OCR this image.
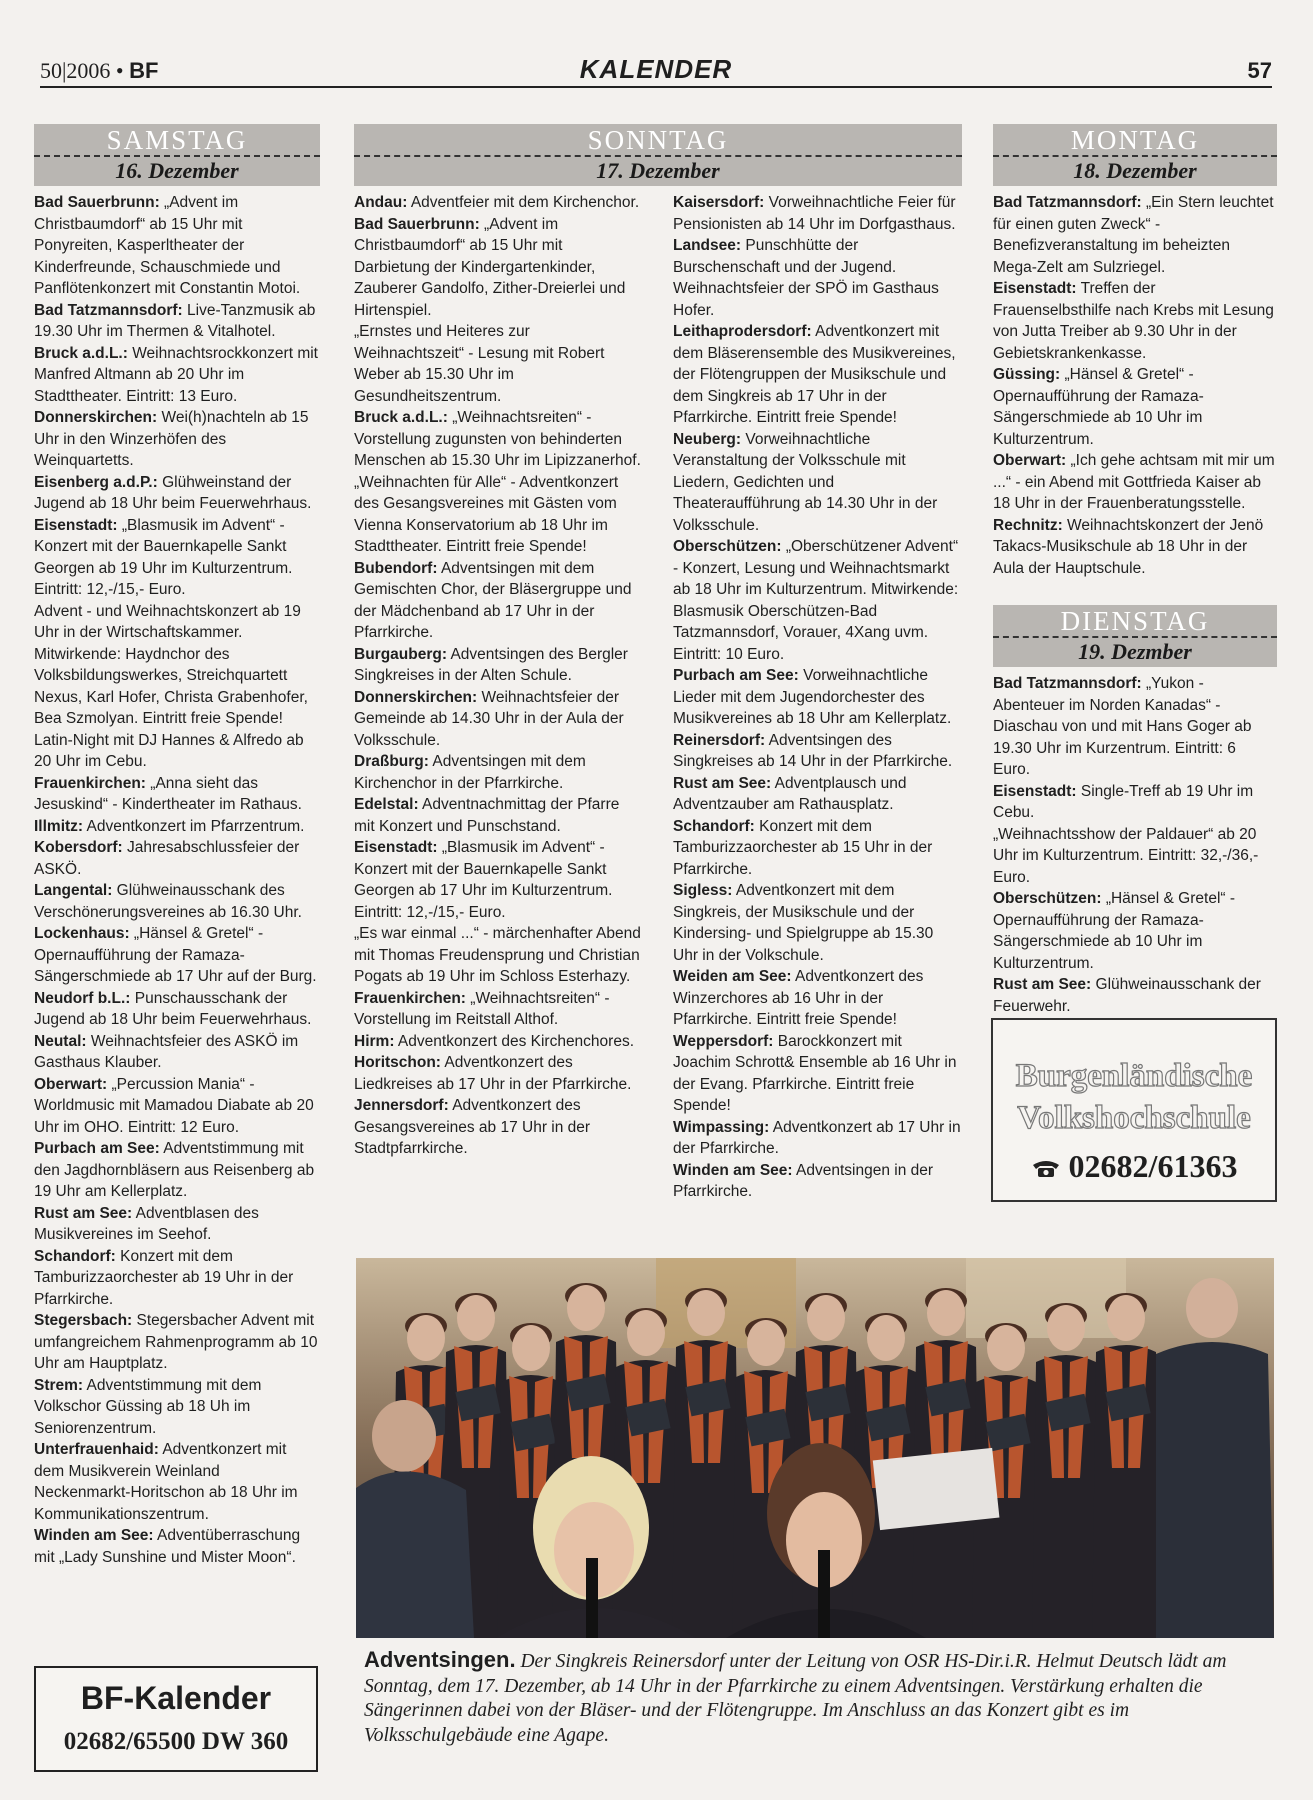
50|2006 • BF	KALENDER	57
SAMSTAG
16. Dezember
SONNTAG
17. Dezember
MONTAG
18. Dezember
DIENSTAG
19. Dezmber

Bad Sauerbrunn: „Advent im Christbaumdorf“ ab 15 Uhr mit Ponyreiten, Kasperltheater der Kinderfreunde, Schauschmiede und Panflötenkonzert mit Constantin Motoi.

Bad Tatzmannsdorf: Live-Tanzmusik ab 19.30 Uhr im Thermen & Vitalhotel.

Bruck a.d.L.: Weihnachtsrockkonzert mit Manfred Altmann ab 20 Uhr im Stadttheater. Eintritt: 13 Euro.

Donnerskirchen: Wei(h)nachteln ab 15 Uhr in den Winzerhöfen des Weinquartetts.

Eisenberg a.d.P.: Glühweinstand der Jugend ab 18 Uhr beim Feuerwehrhaus.

Eisenstadt: „Blasmusik im Advent“ - Konzert mit der Bauernkapelle Sankt Georgen ab 19 Uhr im Kulturzentrum. Eintritt: 12,-/15,- Euro.

Advent - und Weihnachtskonzert ab 19 Uhr in der Wirtschaftskammer. Mitwirkende: Haydnchor des Volksbildungswerkes, Streichquartett Nexus, Karl Hofer, Christa Grabenhofer, Bea Szmolyan. Eintritt freie Spende!

Latin-Night mit DJ Hannes & Alfredo ab 20 Uhr im Cebu.

Frauenkirchen: „Anna sieht das Jesuskind“ - Kindertheater im Rathaus.

Illmitz: Adventkonzert im Pfarrzentrum.

Kobersdorf: Jahresabschlussfeier der ASKÖ.

Langental: Glühweinausschank des Verschönerungsvereines ab 16.30 Uhr.

Lockenhaus: „Hänsel & Gretel“ - Opernaufführung der Ramaza-Sängerschmiede ab 17 Uhr auf der Burg.

Neudorf b.L.: Punschausschank der Jugend ab 18 Uhr beim Feuerwehrhaus.

Neutal: Weihnachtsfeier des ASKÖ im Gasthaus Klauber.

Oberwart: „Percussion Mania“ - Worldmusic mit Mamadou Diabate ab 20 Uhr im OHO. Eintritt: 12 Euro.

Purbach am See: Adventstimmung mit den Jagdhornbläsern aus Reisenberg ab 19 Uhr am Kellerplatz.

Rust am See: Adventblasen des Musikvereines im Seehof.

Schandorf: Konzert mit dem Tamburizzaorchester ab 19 Uhr in der Pfarrkirche.

Stegersbach: Stegersbacher Advent mit umfangreichem Rahmenprogramm ab 10 Uhr am Hauptplatz.

Strem: Adventstimmung mit dem Volkschor Güssing ab 18 Uh im Seniorenzentrum.

Unterfrauenhaid: Adventkonzert mit dem Musikverein Weinland Neckenmarkt-Horitschon ab 18 Uhr im Kommunikationszentrum.

Winden am See: Adventüberraschung mit „Lady Sunshine und Mister Moon“.

Andau: Adventfeier mit dem Kirchenchor.

Bad Sauerbrunn: „Advent im Christbaumdorf“ ab 15 Uhr mit Darbietung der Kindergartenkinder, Zauberer Gandolfo, Zither-Dreierlei und Hirtenspiel.

„Ernstes und Heiteres zur Weihnachtszeit“ - Lesung mit Robert Weber ab 15.30 Uhr im Gesundheitszentrum.

Bruck a.d.L.: „Weihnachtsreiten“ - Vorstellung zugunsten von behinderten Menschen ab 15.30 Uhr im Lipizzanerhof.

„Weihnachten für Alle“ - Adventkonzert des Gesangsvereines mit Gästen vom Vienna Konservatorium ab 18 Uhr im Stadttheater. Eintritt freie Spende!

Bubendorf: Adventsingen mit dem Gemischten Chor, der Bläsergruppe und der Mädchenband ab 17 Uhr in der Pfarrkirche.

Burgauberg: Adventsingen des Bergler Singkreises in der Alten Schule.

Donnerskirchen: Weihnachtsfeier der Gemeinde ab 14.30 Uhr in der Aula der Volksschule.

Draßburg: Adventsingen mit dem Kirchenchor in der Pfarrkirche.

Edelstal: Adventnachmittag der Pfarre mit Konzert und Punschstand.

Eisenstadt: „Blasmusik im Advent“ - Konzert mit der Bauernkapelle Sankt Georgen ab 17 Uhr im Kulturzentrum. Eintritt: 12,-/15,- Euro.

„Es war einmal ...“ - märchenhafter Abend mit Thomas Freudensprung und Christian Pogats ab 19 Uhr im Schloss Esterhazy.

Frauenkirchen: „Weihnachtsreiten“ - Vorstellung im Reitstall Althof.

Hirm: Adventkonzert des Kirchenchores.

Horitschon: Adventkonzert des Liedkreises ab 17 Uhr in der Pfarrkirche.

Jennersdorf: Adventkonzert des Gesangsvereines ab 17 Uhr in der Stadtpfarrkirche.

Kaisersdorf: Vorweihnachtliche Feier für Pensionisten ab 14 Uhr im Dorfgasthaus.

Landsee: Punschhütte der Burschenschaft und der Jugend.

Weihnachtsfeier der SPÖ im Gasthaus Hofer.

Leithaprodersdorf: Adventkonzert mit dem Bläserensemble des Musikvereines, der Flötengruppen der Musikschule und dem Singkreis ab 17 Uhr in der Pfarrkirche. Eintritt freie Spende!

Neuberg: Vorweihnachtliche Veranstaltung der Volksschule mit Liedern, Gedichten und Theateraufführung ab 14.30 Uhr in der Volksschule.

Oberschützen: „Oberschützener Advent“ - Konzert, Lesung und Weihnachtsmarkt ab 18 Uhr im Kulturzentrum. Mitwirkende: Blasmusik Oberschützen-Bad Tatzmannsdorf, Vorauer, 4Xang uvm. Eintritt: 10 Euro.

Purbach am See: Vorweihnachtliche Lieder mit dem Jugendorchester des Musikvereines ab 18 Uhr am Kellerplatz.

Reinersdorf: Adventsingen des Singkreises ab 14 Uhr in der Pfarrkirche.

Rust am See: Adventplausch und Adventzauber am Rathausplatz.

Schandorf: Konzert mit dem Tamburizzaorchester ab 15 Uhr in der Pfarrkirche.

Sigless: Adventkonzert mit dem Singkreis, der Musikschule und der Kindersing- und Spielgruppe ab 15.30 Uhr in der Volkschule.

Weiden am See: Adventkonzert des Winzerchores ab 16 Uhr in der Pfarrkirche. Eintritt freie Spende!

Weppersdorf: Barockkonzert mit Joachim Schrott& Ensemble ab 16 Uhr in der Evang. Pfarrkirche. Eintritt freie Spende!

Wimpassing: Adventkonzert ab 17 Uhr in der Pfarrkirche.

Winden am See: Adventsingen in der Pfarrkirche.

Bad Tatzmannsdorf: „Ein Stern leuchtet für einen guten Zweck“ - Benefizveranstaltung im beheizten Mega-Zelt am Sulzriegel.

Eisenstadt: Treffen der Frauenselbsthilfe nach Krebs mit Lesung von Jutta Treiber ab 9.30 Uhr in der Gebietskrankenkasse.

Güssing: „Hänsel & Gretel“ - Opernaufführung der Ramaza-Sängerschmiede ab 10 Uhr im Kulturzentrum.

Oberwart: „Ich gehe achtsam mit mir um ...“ - ein Abend mit Gottfrieda Kaiser ab 18 Uhr in der Frauenberatungsstelle.

Rechnitz: Weihnachtskonzert der Jenö Takacs-Musikschule ab 18 Uhr in der Aula der Hauptschule.

Bad Tatzmannsdorf: „Yukon - Abenteuer im Norden Kanadas“ - Diaschau von und mit Hans Goger ab 19.30 Uhr im Kurzentrum. Eintritt: 6 Euro.

Eisenstadt: Single-Treff ab 19 Uhr im Cebu.

„Weihnachtsshow der Paldauer“ ab 20 Uhr im Kulturzentrum. Eintritt: 32,-/36,- Euro.

Oberschützen: „Hänsel & Gretel“ - Opernaufführung der Ramaza-Sängerschmiede ab 10 Uhr im Kulturzentrum.

Rust am See: Glühweinausschank der Feuerwehr.

Burgenländische
Volkshochschule
02682/61363
BF-Kalender
02682/65500 DW 360
Adventsingen. Der Singkreis Reinersdorf unter der Leitung von OSR HS-Dir.i.R. Helmut Deutsch lädt am Sonntag, dem 17. Dezember, ab 14 Uhr in der Pfarrkirche zu einem Adventsingen. Verstärkung erhalten die Sängerinnen dabei von der Bläser- und der Flötengruppe. Im Anschluss an das Konzert gibt es im Volksschulgebäude eine Agape.
